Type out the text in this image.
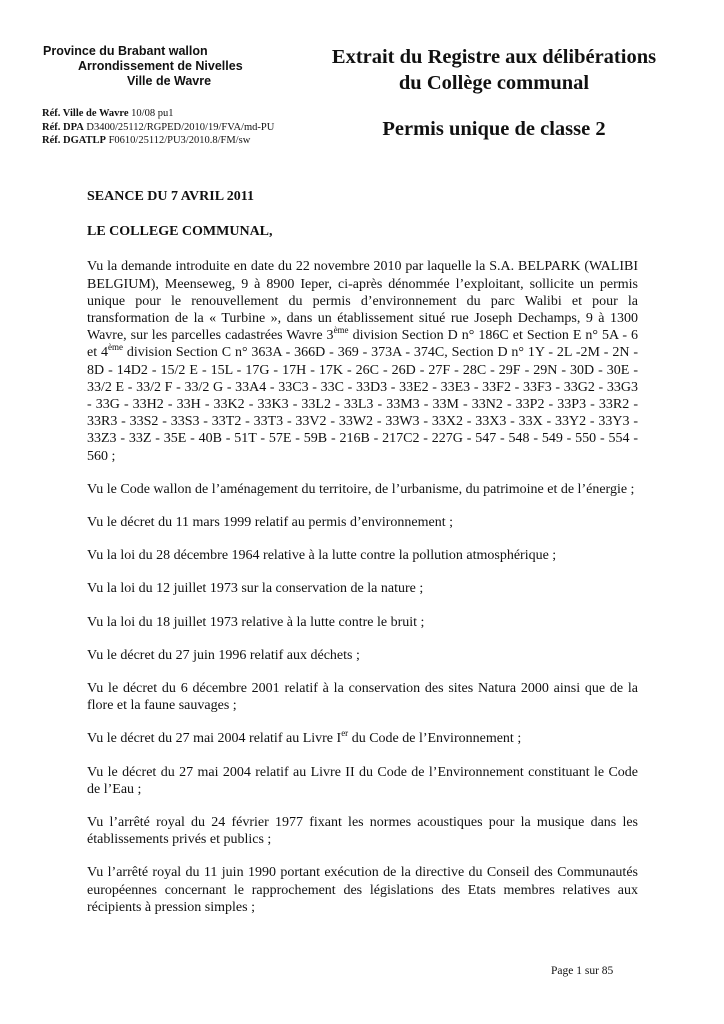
Province du Brabant wallon
Arrondissement de Nivelles
Ville de Wavre
Extrait du Registre aux délibérations
du Collège communal
Permis unique de classe 2
Réf. Ville de Wavre 10/08 pu1
Réf. DPA D3400/25112/RGPED/2010/19/FVA/md-PU
Réf. DGATLP F0610/25112/PU3/2010.8/FM/sw

SEANCE DU 7 AVRIL 2011

LE COLLEGE COMMUNAL,

Vu la demande introduite en date du 22 novembre 2010 par laquelle la S.A. BELPARK (WALIBI BELGIUM), Meenseweg, 9 à 8900 Ieper, ci-après dénommée l’exploitant, sollicite un permis unique pour le renouvellement du permis d’environnement du parc Walibi et pour la transformation de la « Turbine », dans un établissement situé rue Joseph Dechamps, 9 à 1300 Wavre, sur les parcelles cadastrées Wavre 3ème division Section D n° 186C et Section E n° 5A - 6 et 4ème division Section C n° 363A - 366D - 369 - 373A - 374C, Section D n° 1Y - 2L -2M - 2N - 8D - 14D2 - 15/2 E - 15L - 17G - 17H - 17K - 26C - 26D - 27F - 28C - 29F - 29N - 30D - 30E - 33/2 E - 33/2 F - 33/2 G - 33A4 - 33C3 - 33C - 33D3 - 33E2 - 33E3 - 33F2 - 33F3 - 33G2 - 33G3 - 33G - 33H2 - 33H - 33K2 - 33K3 - 33L2 - 33L3 - 33M3 - 33M - 33N2 - 33P2 - 33P3 - 33R2 - 33R3 - 33S2 - 33S3 - 33T2 - 33T3 - 33V2 - 33W2 - 33W3 - 33X2 - 33X3 - 33X - 33Y2 - 33Y3 - 33Z3 - 33Z - 35E - 40B - 51T - 57E - 59B - 216B - 217C2 - 227G - 547 - 548 - 549 - 550 - 554 - 560 ;

Vu le Code wallon de l’aménagement du territoire, de l’urbanisme, du patrimoine et de l’énergie ;

Vu le décret du 11 mars 1999 relatif au permis d’environnement ;

Vu la loi du 28 décembre 1964 relative à la lutte contre la pollution atmosphérique ;

Vu la loi du 12 juillet 1973 sur la conservation de la nature ;

Vu la loi du 18 juillet 1973 relative à la lutte contre le bruit ;

Vu le décret du 27 juin 1996 relatif aux déchets ;

Vu le décret du 6 décembre 2001 relatif à la conservation des sites Natura 2000 ainsi que de la flore et la faune sauvages ;

Vu le décret du 27 mai 2004 relatif au Livre Ier du Code de l’Environnement ;

Vu le décret du 27 mai 2004 relatif au Livre II du Code de l’Environnement constituant le Code de l’Eau ;

Vu l’arrêté royal du 24 février 1977 fixant les normes acoustiques pour la musique dans les établissements privés et publics ;

Vu l’arrêté royal du 11 juin 1990 portant exécution de la directive du Conseil des Communautés européennes concernant le rapprochement des législations des Etats membres relatives aux récipients à pression simples ;

Page 1 sur 85
